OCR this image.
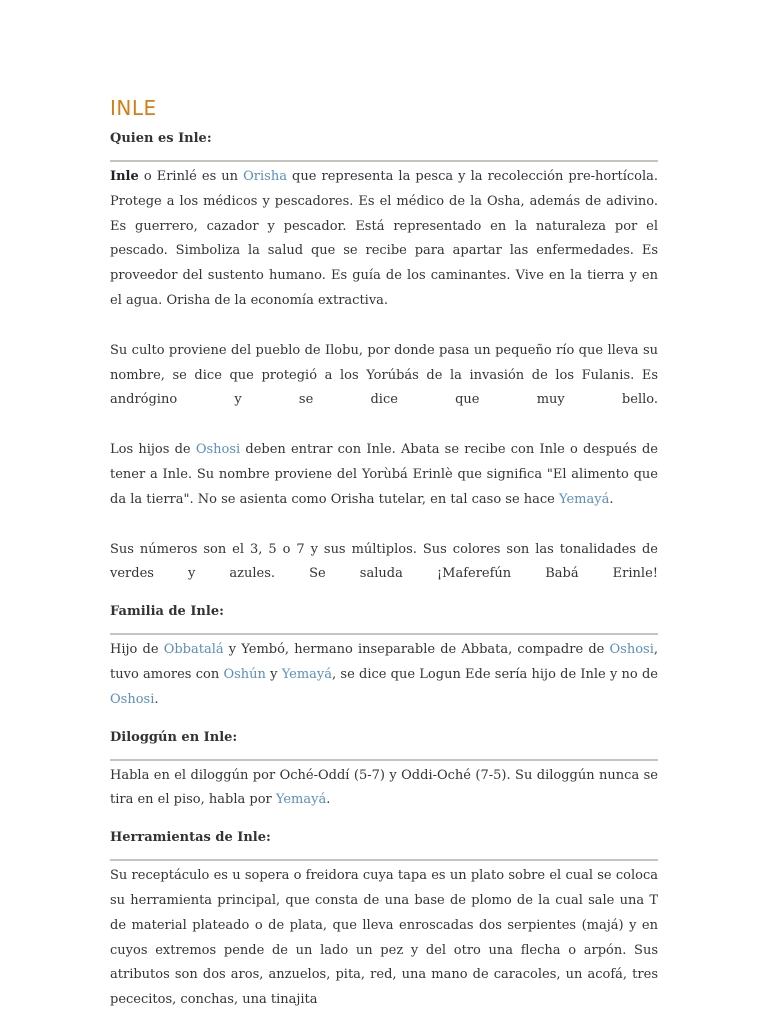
INLE
Quien es Inle:

Inle o Erinlé es un Orisha que representa la pesca y la recolección pre-hortícola. Protege a los médicos y pescadores. Es el médico de la Osha, además de adivino. Es guerrero, cazador y pescador. Está representado en la naturaleza por el pescado. Simboliza la salud que se recibe para apartar las enfermedades. Es proveedor del sustento humano. Es guía de los caminantes. Vive en la tierra y en el agua. Orisha de la economía extractiva.

Su culto proviene del pueblo de Ilobu, por donde pasa un pequeño río que lleva su nombre, se dice que protegió a los Yorúbás de la invasión de los Fulanis. Es andrógino y se dice que muy bello.

Los hijos de Oshosi deben entrar con Inle. Abata se recibe con Inle o después de tener a Inle. Su nombre proviene del Yorùbá Erinlè que significa "El alimento que da la tierra". No se asienta como Orisha tutelar, en tal caso se hace Yemayá.

Sus números son el 3, 5 o 7 y sus múltiplos. Sus colores son las tonalidades de verdes y azules. Se saluda ¡Maferefún Babá Erinle!

Familia de Inle:

Hijo de Obbatalá y Yembó, hermano inseparable de Abbata, compadre de Oshosi, tuvo amores con Oshún y Yemayá, se dice que Logun Ede sería hijo de Inle y no de Oshosi.

Diloggún en Inle:

Habla en el diloggún por Oché-Oddí (5-7) y Oddi-Oché (7-5). Su diloggún nunca se tira en el piso, habla por Yemayá.

Herramientas de Inle:

Su receptáculo es u sopera o freidora cuya tapa es un plato sobre el cual se coloca su herramienta principal, que consta de una base de plomo de la cual sale una T de material plateado o de plata, que lleva enroscadas dos serpientes (majá) y en cuyos extremos pende de un lado un pez y del otro una flecha o arpón. Sus atributos son dos aros, anzuelos, pita, red, una mano de caracoles, un acofá, tres pececitos, conchas, una tinajita
